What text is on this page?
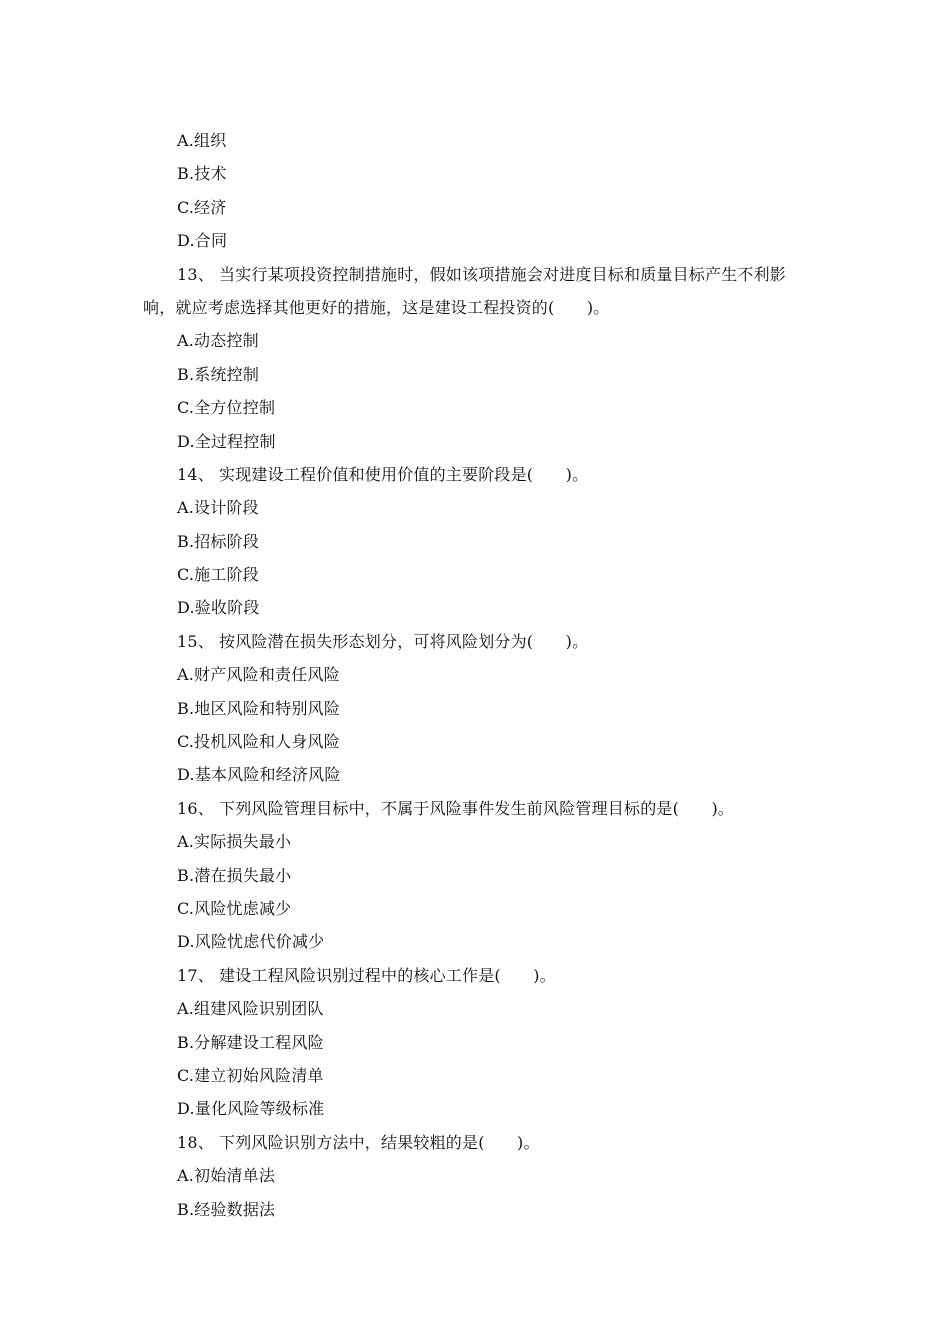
A.组织
B.技术
C.经济
D.合同
13、 当实行某项投资控制措施时，假如该项措施会对进度目标和质量目标产生不利影
响，就应考虑选择其他更好的措施，这是建设工程投资的(　　)。
A.动态控制
B.系统控制
C.全方位控制
D.全过程控制
14、 实现建设工程价值和使用价值的主要阶段是(　　)。
A.设计阶段
B.招标阶段
C.施工阶段
D.验收阶段
15、 按风险潜在损失形态划分，可将风险划分为(　　)。
A.财产风险和责任风险
B.地区风险和特别风险
C.投机风险和人身风险
D.基本风险和经济风险
16、 下列风险管理目标中，不属于风险事件发生前风险管理目标的是(　　)。
A.实际损失最小
B.潜在损失最小
C.风险忧虑减少
D.风险忧虑代价减少
17、 建设工程风险识别过程中的核心工作是(　　)。
A.组建风险识别团队
B.分解建设工程风险
C.建立初始风险清单
D.量化风险等级标准
18、 下列风险识别方法中，结果较粗的是(　　)。
A.初始清单法
B.经验数据法
